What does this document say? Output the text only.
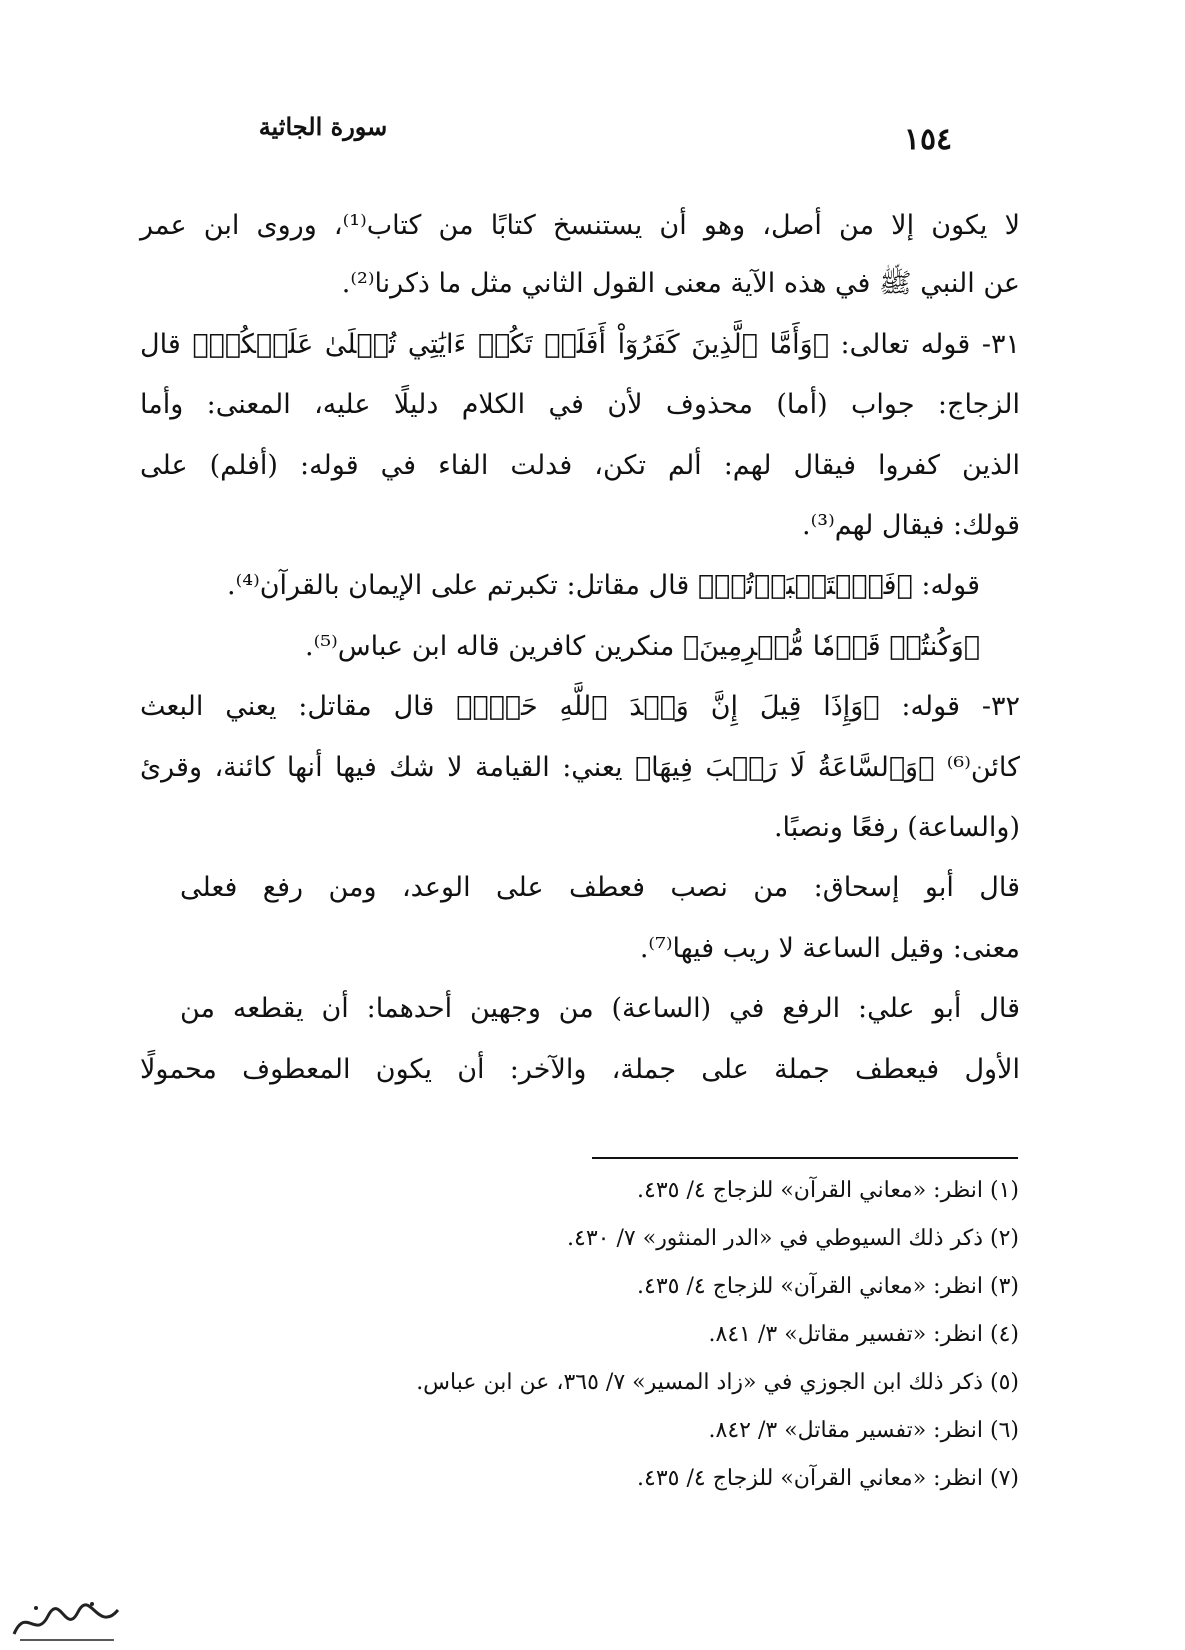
سورة الجاثية	١٥٤
لا يكون إلا من أصل، وهو أن يستنسخ كتابًا من كتاب⁽¹⁾، وروى ابن عمر
عن النبي ﷺ في هذه الآية معنى القول الثاني مثل ما ذكرنا⁽²⁾.
٣١- قوله تعالى: ﴿وَأَمَّا ٱلَّذِينَ كَفَرُوٓاْ أَفَلَمۡ تَكُنۡ ءَايَٰتِي تُتۡلَىٰ عَلَيۡكُمۡ﴾ قال
الزجاج: جواب (أما) محذوف لأن في الكلام دليلًا عليه، المعنى: وأما
الذين كفروا فيقال لهم: ألم تكن، فدلت الفاء في قوله: (أفلم) على
قولك: فيقال لهم⁽³⁾.
قوله: ﴿فَٱسۡتَكۡبَرۡتُمۡ﴾ قال مقاتل: تكبرتم على الإيمان بالقرآن⁽⁴⁾.
﴿وَكُنتُمۡ قَوۡمٗا مُّجۡرِمِينَ﴾ منكرين كافرين قاله ابن عباس⁽⁵⁾.
٣٢- قوله: ﴿وَإِذَا قِيلَ إِنَّ وَعۡدَ ٱللَّهِ حَقّٞ﴾ قال مقاتل: يعني البعث
كائن⁽⁶⁾ ﴿وَٱلسَّاعَةُ لَا رَيۡبَ فِيهَا﴾ يعني: القيامة لا شك فيها أنها كائنة، وقرئ
(والساعة) رفعًا ونصبًا.
قال أبو إسحاق: من نصب فعطف على الوعد، ومن رفع فعلى
معنى: وقيل الساعة لا ريب فيها⁽⁷⁾.
قال أبو علي: الرفع في (الساعة) من وجهين أحدهما: أن يقطعه من
الأول فيعطف جملة على جملة، والآخر: أن يكون المعطوف محمولًا
(١) انظر: «معاني القرآن» للزجاج ٤/ ٤٣٥.
(٢) ذكر ذلك السيوطي في «الدر المنثور» ٧/ ٤٣٠.
(٣) انظر: «معاني القرآن» للزجاج ٤/ ٤٣٥.
(٤) انظر: «تفسير مقاتل» ٣/ ٨٤١.
(٥) ذكر ذلك ابن الجوزي في «زاد المسير» ٧/ ٣٦٥، عن ابن عباس.
(٦) انظر: «تفسير مقاتل» ٣/ ٨٤٢.
(٧) انظر: «معاني القرآن» للزجاج ٤/ ٤٣٥.
